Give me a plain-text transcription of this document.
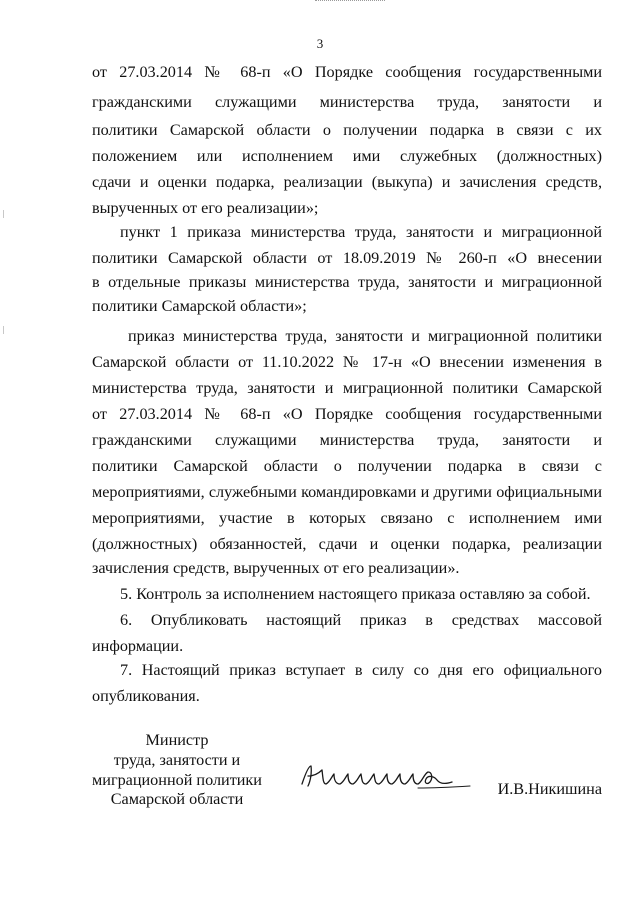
3
от 27.03.2014 № 68-п «О Порядке сообщения государственными
гражданскими служащими министерства труда, занятости и
политики Самарской области о получении подарка в связи с их
положением или исполнением ими служебных (должностных)
сдачи и оценки подарка, реализации (выкупа) и зачисления средств,
вырученных от его реализации»;
пункт 1 приказа министерства труда, занятости и миграционной
политики Самарской области от 18.09.2019 № 260-п «О внесении
в отдельные приказы министерства труда, занятости и миграционной
политики Самарской области»;
приказ министерства труда, занятости и миграционной политики
Самарской области от 11.10.2022 № 17-н «О внесении изменения в
министерства труда, занятости и миграционной политики Самарской
от 27.03.2014 № 68-п «О Порядке сообщения государственными
гражданскими служащими министерства труда, занятости и
политики Самарской области о получении подарка в связи с
мероприятиями, служебными командировками и другими официальными
мероприятиями, участие в которых связано с исполнением ими
(должностных) обязанностей, сдачи и оценки подарка, реализации
зачисления средств, вырученных от его реализации».
5. Контроль за исполнением настоящего приказа оставляю за собой.
6. Опубликовать настоящий приказ в средствах массовой
информации.
7. Настоящий приказ вступает в силу со дня его официального
опубликования.
Министр
труда, занятости и
миграционной политики
Самарской области
И.В.Никишина
